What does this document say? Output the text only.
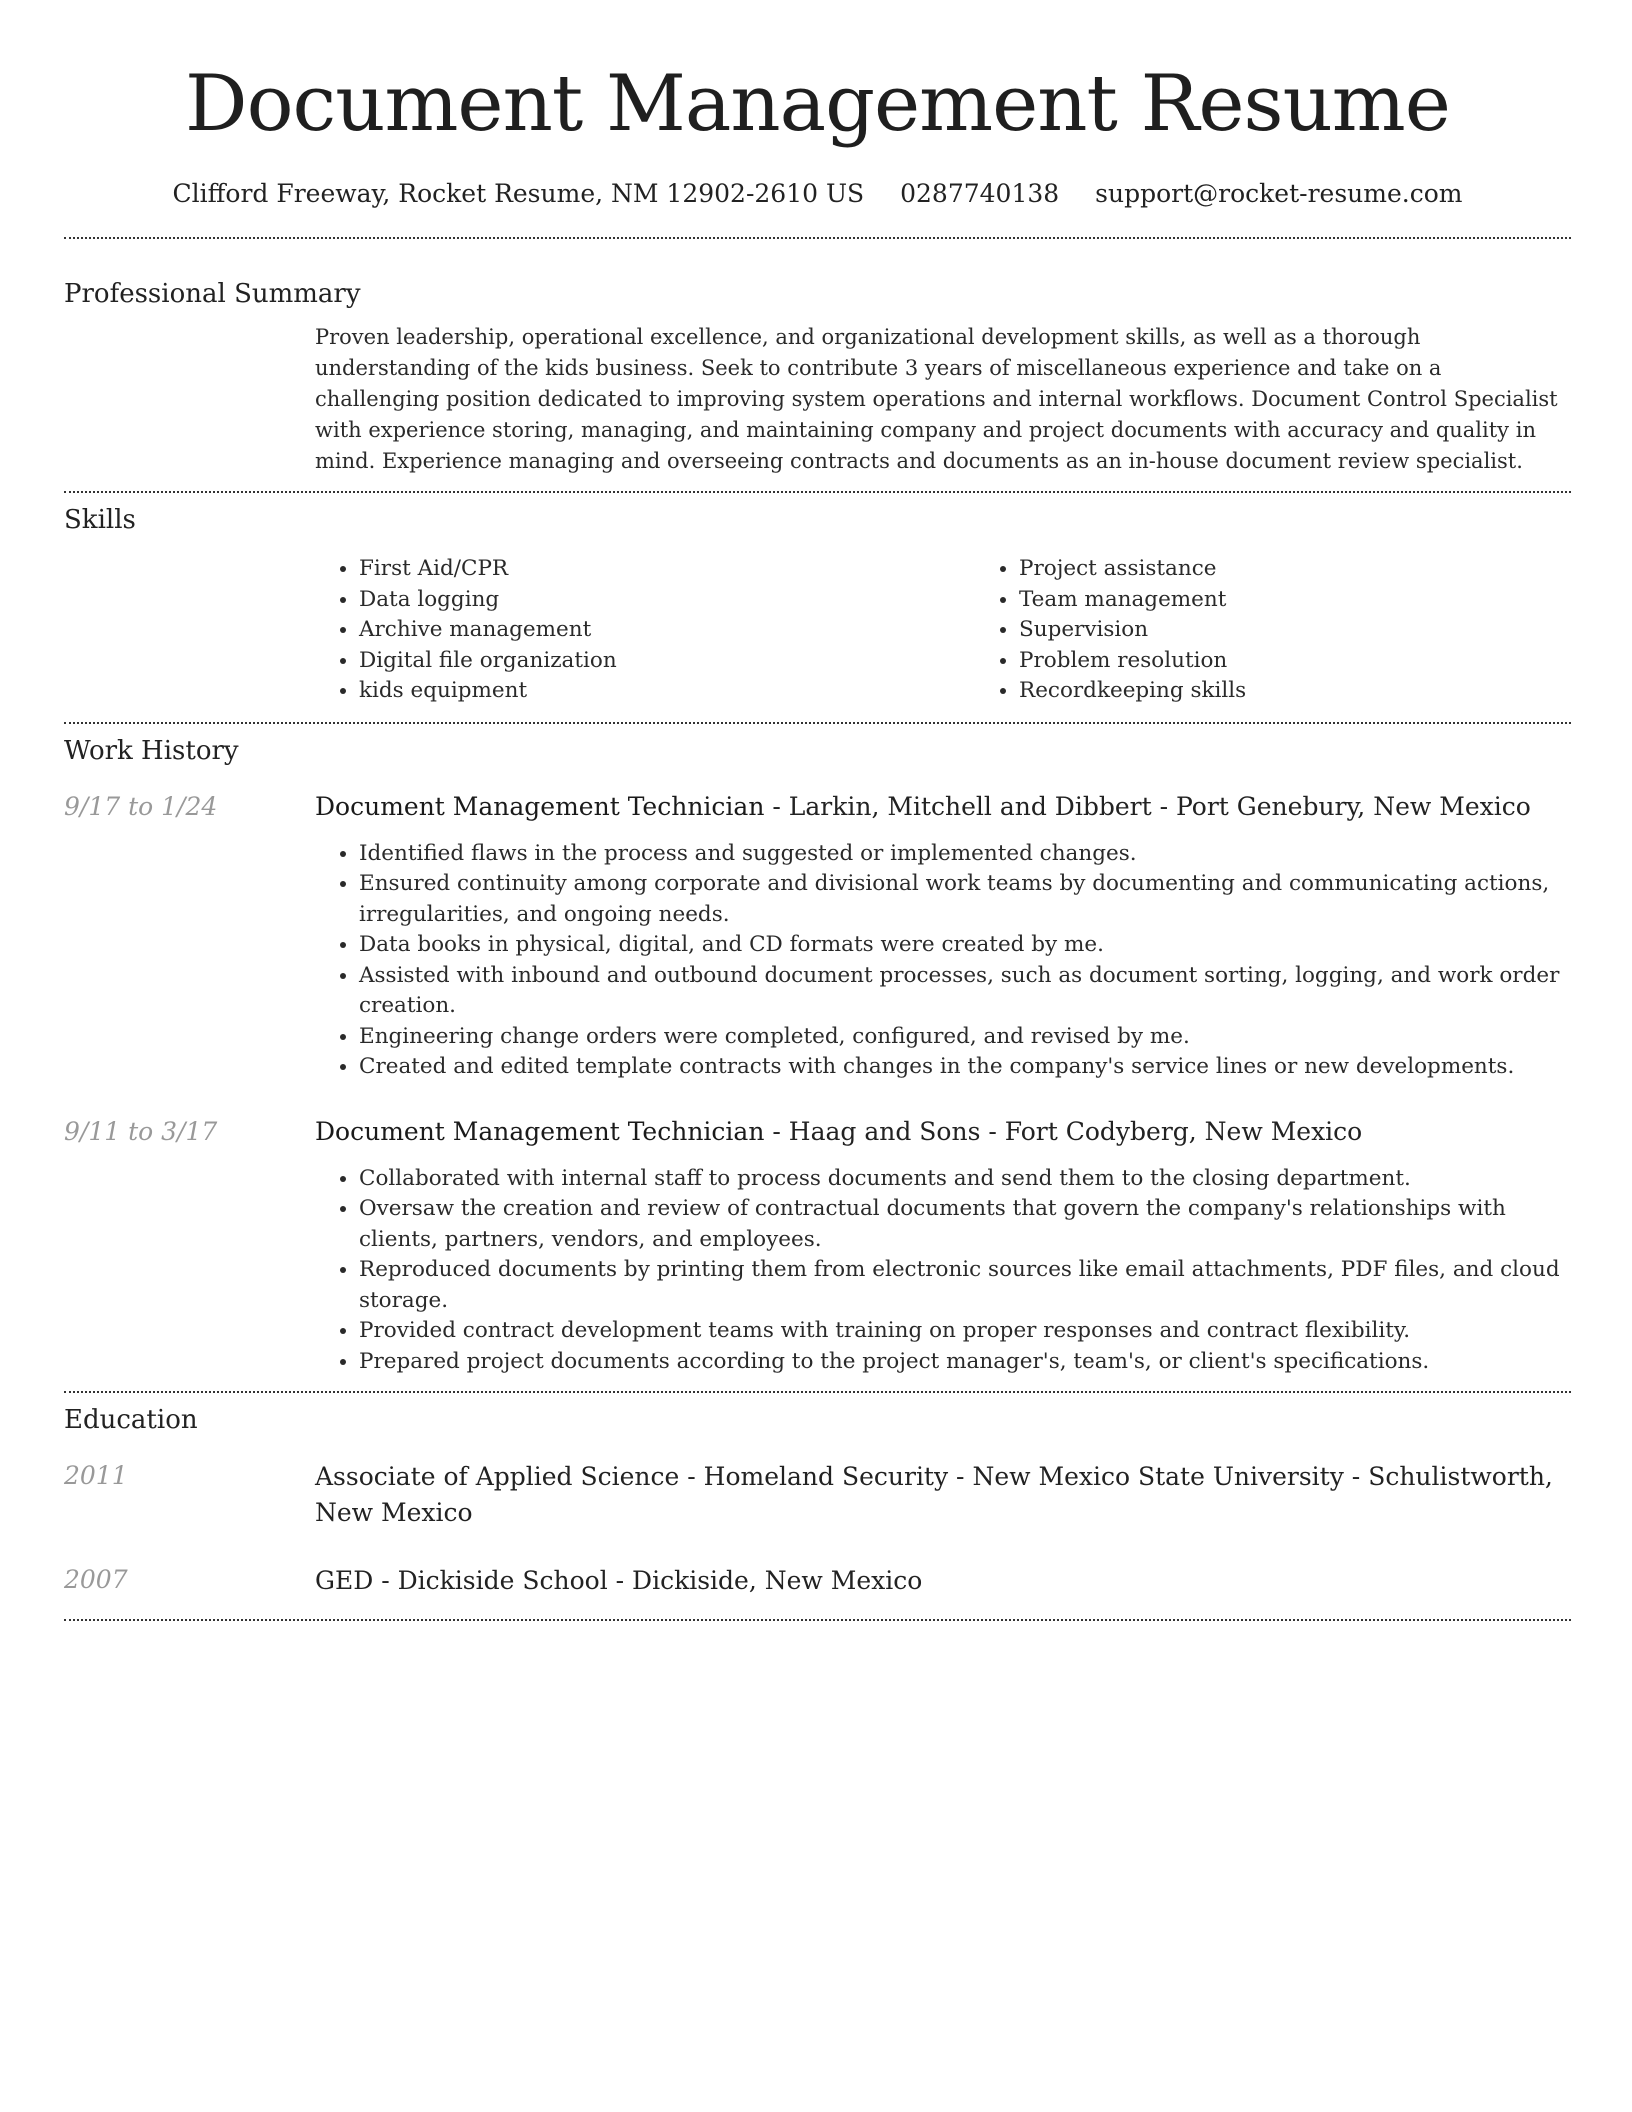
Document Management Resume
Clifford Freeway, Rocket Resume, NM 12902-2610 US 0287740138 support@rocket-resume.com
Professional Summary

Proven leadership, operational excellence, and organizational development skills, as well as a thorough understanding of the kids business. Seek to contribute 3 years of miscellaneous experience and take on a challenging position dedicated to improving system operations and internal workflows. Document Control Specialist with experience storing, managing, and maintaining company and project documents with accuracy and quality in mind. Experience managing and overseeing contracts and documents as an in-house document review specialist.

Skills
• First Aid/CPR
• Data logging
• Archive management
• Digital file organization
• kids equipment
• Project assistance
• Team management
• Supervision
• Problem resolution
• Recordkeeping skills
Work History
9/17 to 1/24	Document Management Technician - Larkin, Mitchell and Dibbert - Port Genebury, New Mexico
• Identified flaws in the process and suggested or implemented changes.
• Ensured continuity among corporate and divisional work teams by documenting and communicating actions, irregularities, and ongoing needs.
• Data books in physical, digital, and CD formats were created by me.
• Assisted with inbound and outbound document processes, such as document sorting, logging, and work order creation.
• Engineering change orders were completed, configured, and revised by me.
• Created and edited template contracts with changes in the company's service lines or new developments.
9/11 to 3/17	Document Management Technician - Haag and Sons - Fort Codyberg, New Mexico
• Collaborated with internal staff to process documents and send them to the closing department.
• Oversaw the creation and review of contractual documents that govern the company's relationships with clients, partners, vendors, and employees.
• Reproduced documents by printing them from electronic sources like email attachments, PDF files, and cloud storage.
• Provided contract development teams with training on proper responses and contract flexibility.
• Prepared project documents according to the project manager's, team's, or client's specifications.
Education
2011	Associate of Applied Science - Homeland Security - New Mexico State University - Schulistworth, New Mexico
2007	GED - Dickiside School - Dickiside, New Mexico
